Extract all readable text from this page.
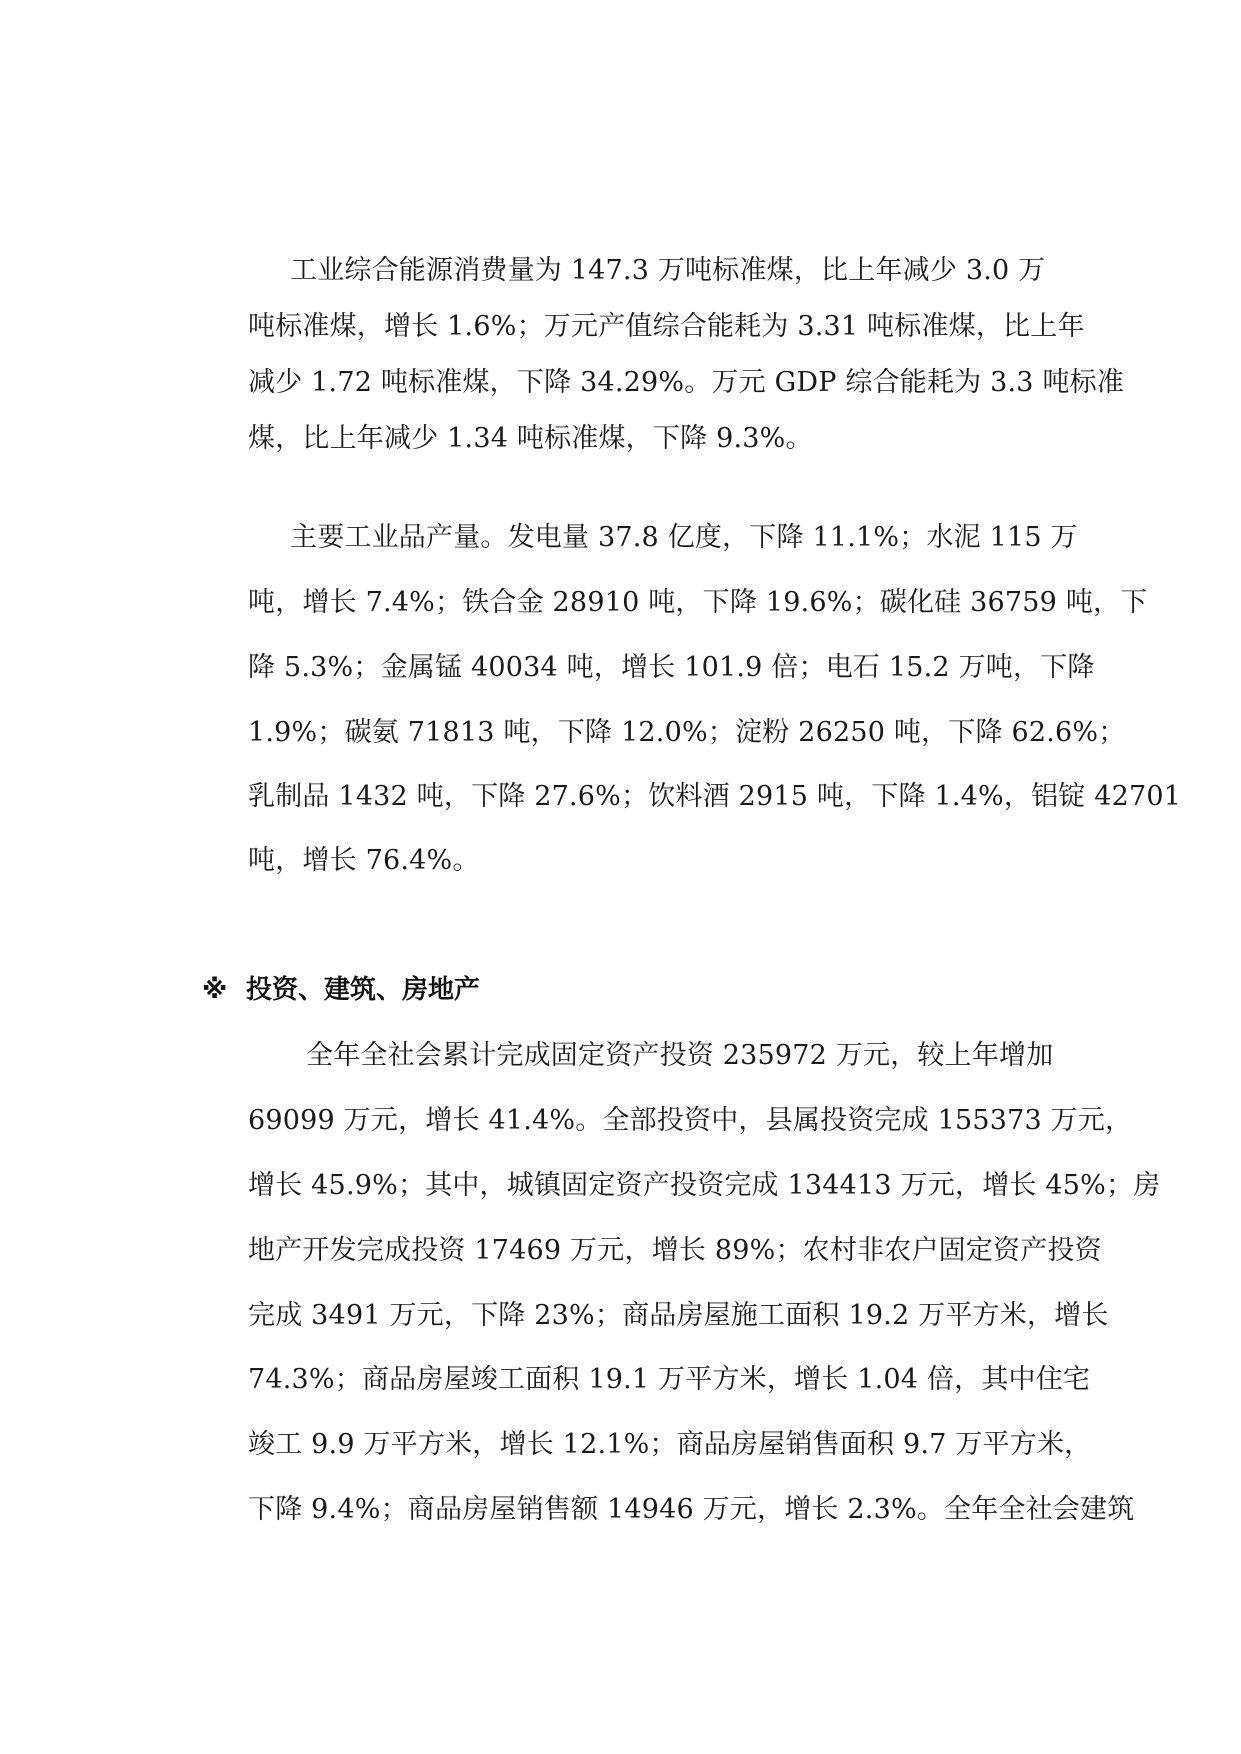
工业综合能源消费量为 147.3 万吨标准煤，比上年减少 3.0 万
吨标准煤，增长 1.6%；万元产值综合能耗为 3.31 吨标准煤，比上年
减少 1.72 吨标准煤，下降 34.29%。万元 GDP 综合能耗为 3.3 吨标准
煤，比上年减少 1.34 吨标准煤，下降 9.3%。
主要工业品产量。发电量 37.8 亿度，下降 11.1%；水泥 115 万
吨，增长 7.4%；铁合金 28910 吨，下降 19.6%；碳化硅 36759 吨，下
降 5.3%；金属锰 40034 吨，增长 101.9 倍；电石 15.2 万吨，下降
1.9%；碳氨 71813 吨，下降 12.0%；淀粉 26250 吨，下降 62.6%；
乳制品 1432 吨，下降 27.6%；饮料酒 2915 吨，下降 1.4%，铝锭 42701
吨，增长 76.4%。
※ 投资、建筑、房地产
全年全社会累计完成固定资产投资 235972 万元，较上年增加
69099 万元，增长 41.4%。全部投资中，县属投资完成 155373 万元，
增长 45.9%；其中，城镇固定资产投资完成 134413 万元，增长 45%；房
地产开发完成投资 17469 万元，增长 89%；农村非农户固定资产投资
完成 3491 万元，下降 23%；商品房屋施工面积 19.2 万平方米，增长
74.3%；商品房屋竣工面积 19.1 万平方米，增长 1.04 倍，其中住宅
竣工 9.9 万平方米，增长 12.1%；商品房屋销售面积 9.7 万平方米，
下降 9.4%；商品房屋销售额 14946 万元，增长 2.3%。全年全社会建筑
